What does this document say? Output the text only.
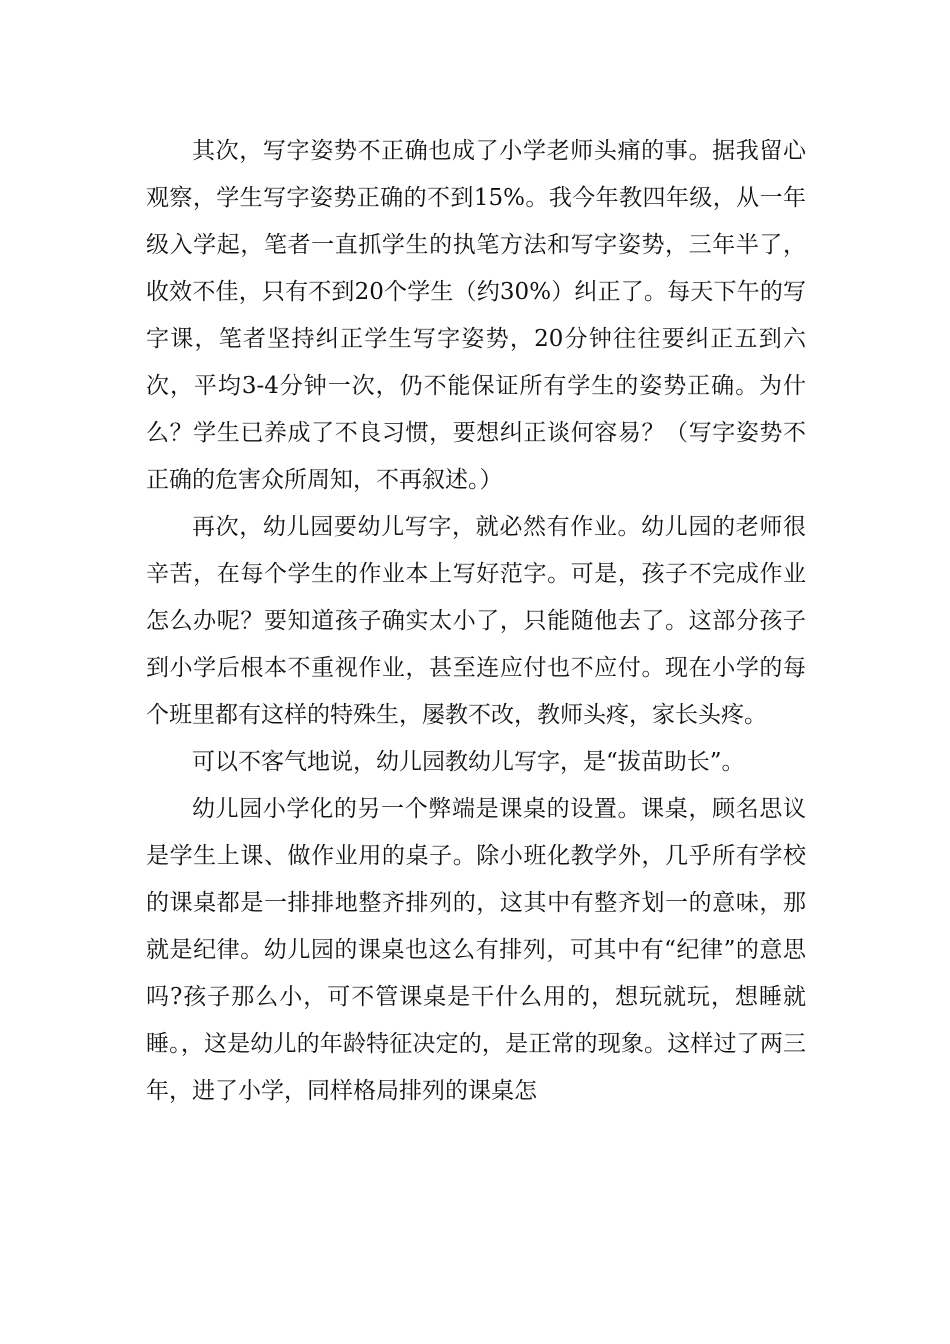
其次，写字姿势不正确也成了小学老师头痛的事。据我留心观察，学生写字姿势正确的不到15%。我今年教四年级，从一年级入学起，笔者一直抓学生的执笔方法和写字姿势，三年半了，收效不佳，只有不到20个学生（约30%）纠正了。每天下午的写字课，笔者坚持纠正学生写字姿势，20分钟往往要纠正五到六次，平均3-4分钟一次，仍不能保证所有学生的姿势正确。为什么？学生已养成了不良习惯，要想纠正谈何容易？（写字姿势不正确的危害众所周知，不再叙述。）

再次，幼儿园要幼儿写字，就必然有作业。幼儿园的老师很辛苦，在每个学生的作业本上写好范字。可是，孩子不完成作业怎么办呢？要知道孩子确实太小了，只能随他去了。这部分孩子到小学后根本不重视作业，甚至连应付也不应付。现在小学的每个班里都有这样的特殊生，屡教不改，教师头疼，家长头疼。

可以不客气地说，幼儿园教幼儿写字，是“拔苗助长”。

幼儿园小学化的另一个弊端是课桌的设置。课桌，顾名思议是学生上课、做作业用的桌子。除小班化教学外，几乎所有学校的课桌都是一排排地整齐排列的，这其中有整齐划一的意味，那就是纪律。幼儿园的课桌也这么有排列，可其中有“纪律”的意思吗?孩子那么小，可不管课桌是干什么用的，想玩就玩，想睡就睡。，这是幼儿的年龄特征决定的，是正常的现象。这样过了两三年，进了小学，同样格局排列的课桌怎
